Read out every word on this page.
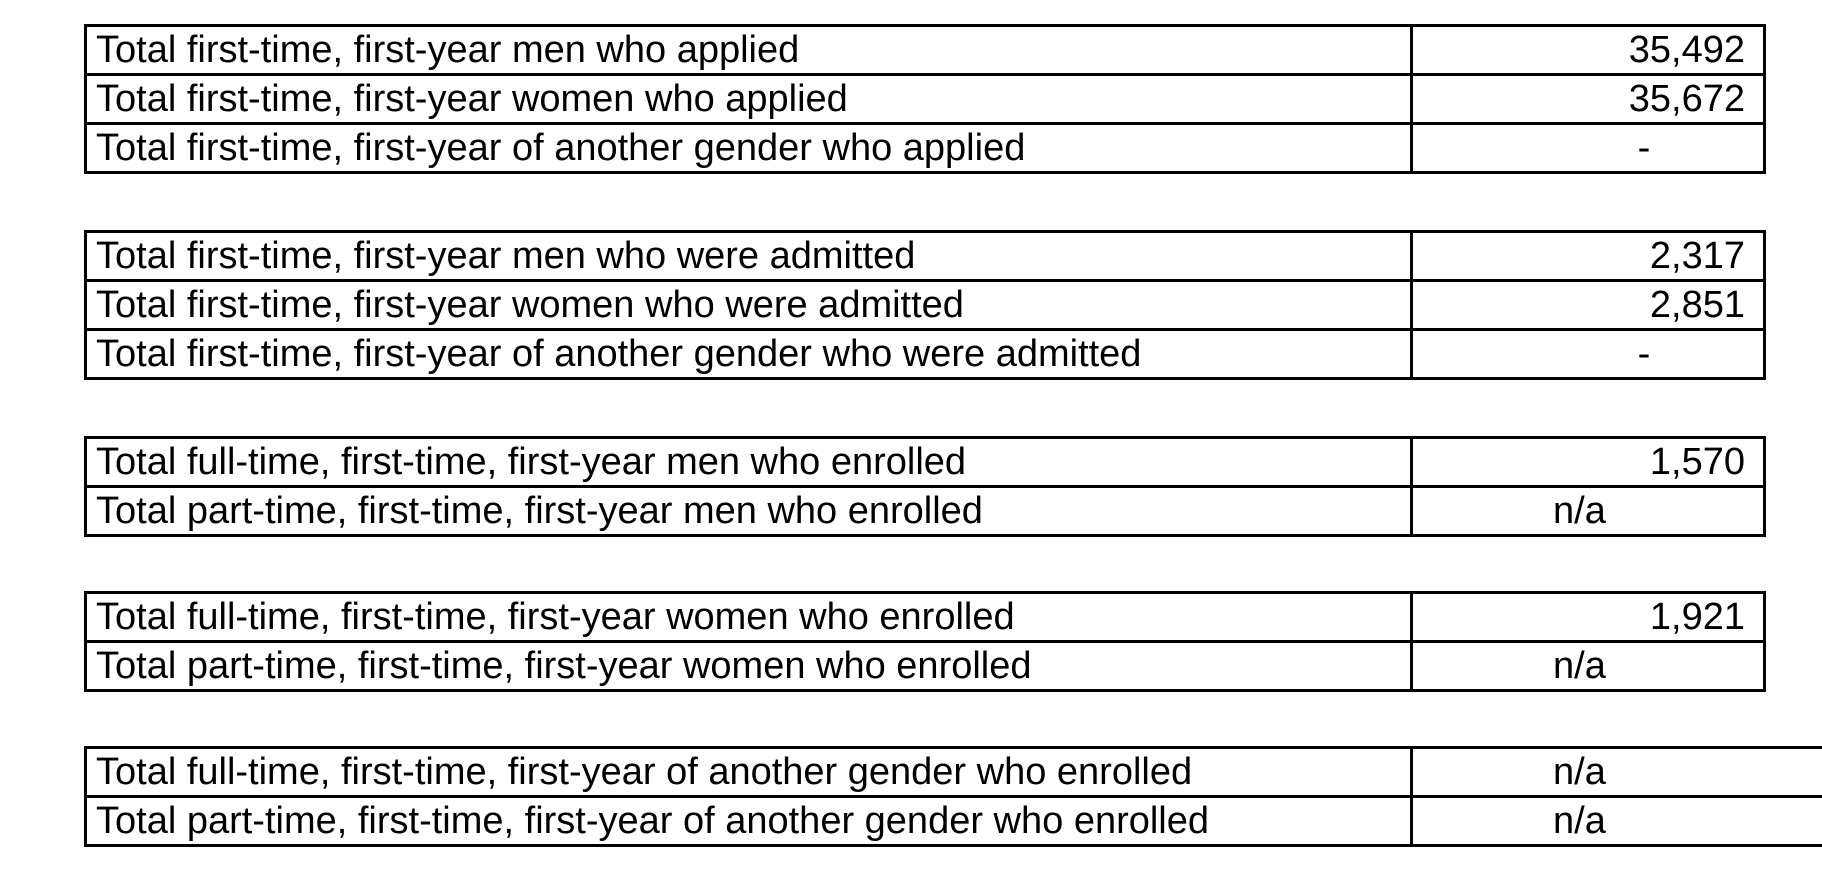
Total first-time, first-year men who applied	35,492
Total first-time, first-year women who applied	35,672
Total first-time, first-year of another gender who applied	-
Total first-time, first-year men who were admitted	2,317
Total first-time, first-year women who were admitted	2,851
Total first-time, first-year of another gender who were admitted	-
Total full-time, first-time, first-year men who enrolled	1,570
Total part-time, first-time, first-year men who enrolled	n/a
Total full-time, first-time, first-year women who enrolled	1,921
Total part-time, first-time, first-year women who enrolled	n/a
Total full-time, first-time, first-year of another gender who enrolled	n/a
Total part-time, first-time, first-year of another gender who enrolled	n/a
